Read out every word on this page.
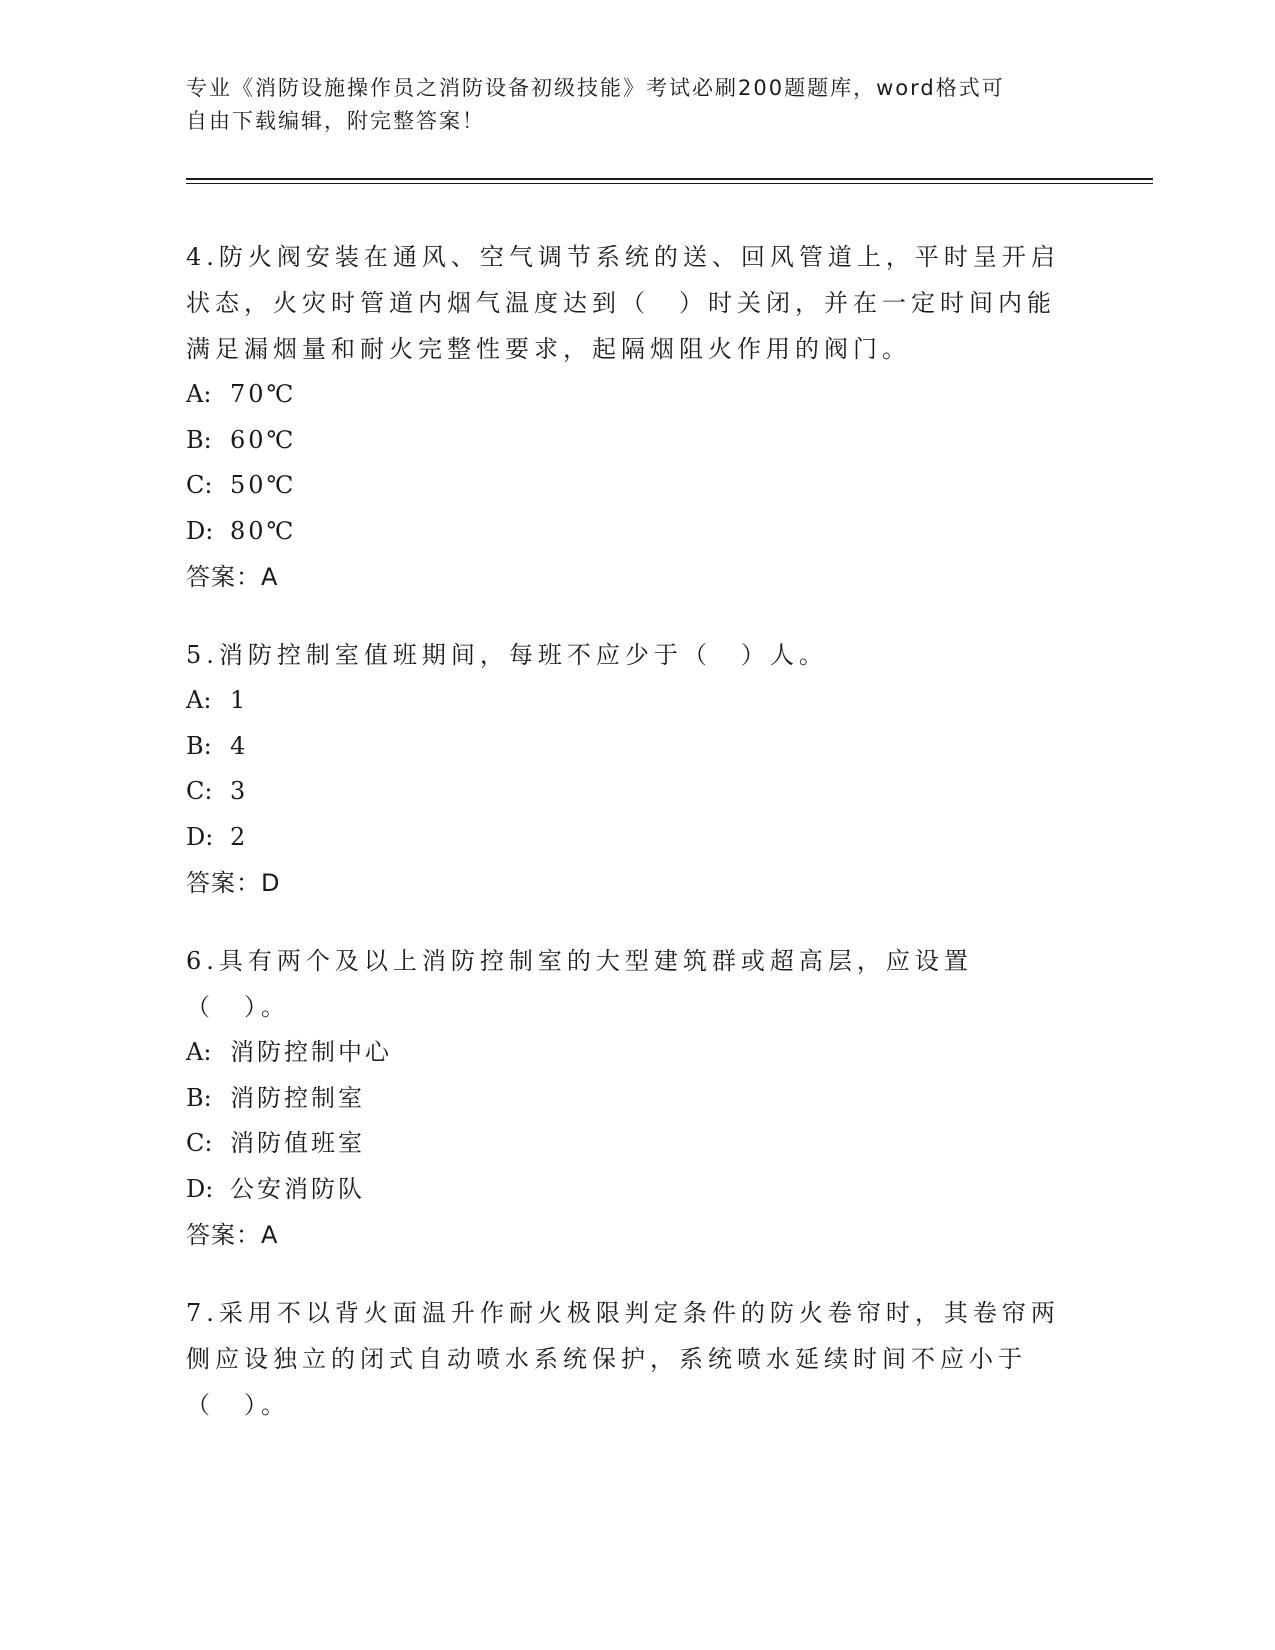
专业《消防设施操作员之消防设备初级技能》考试必刷200题题库，word格式可
自由下载编辑，附完整答案！

4.防火阀安装在通风、空气调节系统的送、回风管道上，平时呈开启状态，火灾时管道内烟气温度达到（　）时关闭，并在一定时间内能满足漏烟量和耐火完整性要求，起隔烟阻火作用的阀门。

A: 70℃

B: 60℃

C: 50℃

D: 80℃

答案：A

5.消防控制室值班期间，每班不应少于（　）人。

A: 1

B: 4

C: 3

D: 2

答案：D

6.具有两个及以上消防控制室的大型建筑群或超高层，应设置（　）。

A: 消防控制中心

B: 消防控制室

C: 消防值班室

D: 公安消防队

答案：A

7.采用不以背火面温升作耐火极限判定条件的防火卷帘时，其卷帘两侧应设独立的闭式自动喷水系统保护，系统喷水延续时间不应小于（　）。
